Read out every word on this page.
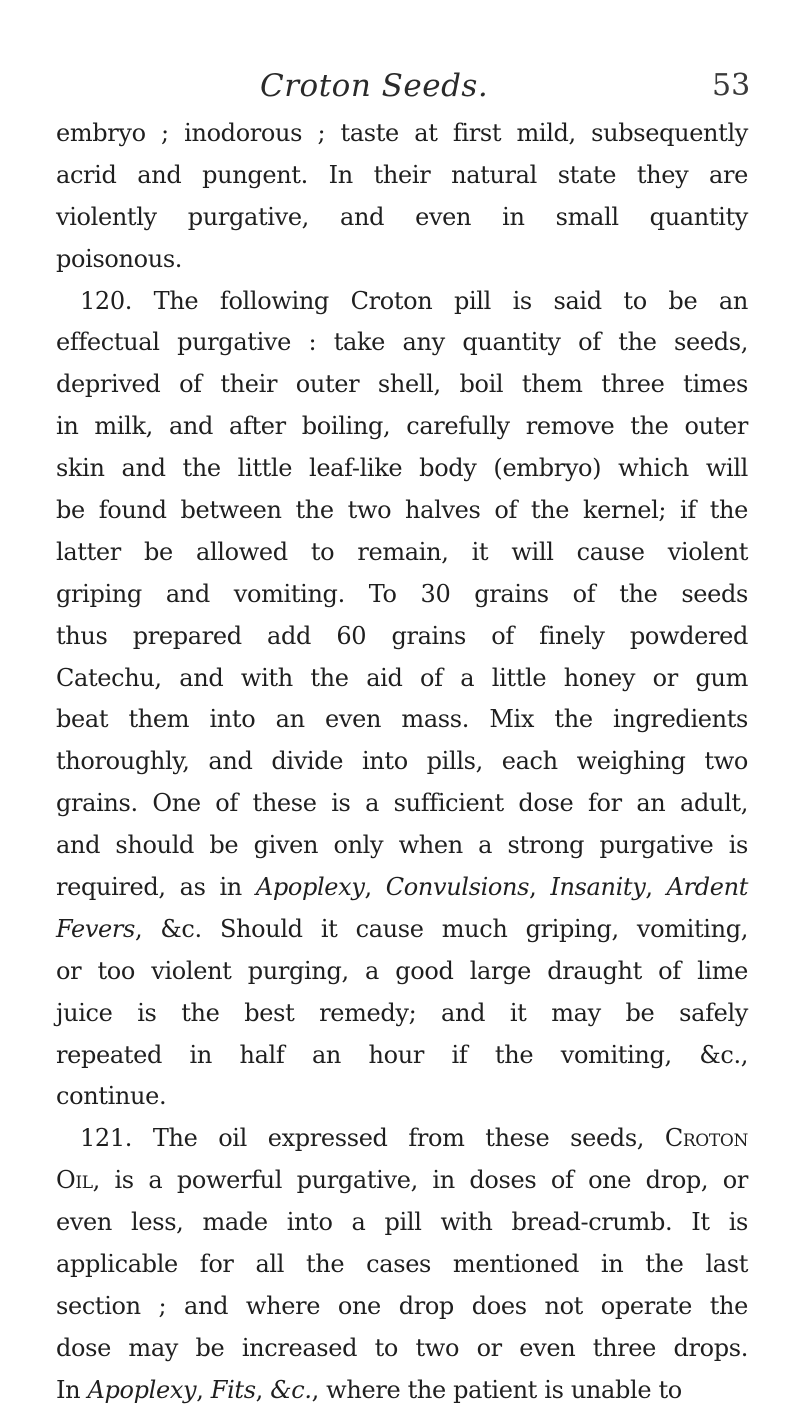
Croton Seeds.	53
embryo ; inodorous ; taste at first mild, subsequently
acrid and pungent. In their natural state they are
violently purgative, and even in small quantity
poisonous.
120. The following Croton pill is said to be an
effectual purgative : take any quantity of the seeds,
deprived of their outer shell, boil them three times
in milk, and after boiling, carefully remove the outer
skin and the little leaf-like body (embryo) which will
be found between the two halves of the kernel; if the
latter be allowed to remain, it will cause violent
griping and vomiting. To 30 grains of the seeds
thus prepared add 60 grains of finely powdered
Catechu, and with the aid of a little honey or gum
beat them into an even mass. Mix the ingredients
thoroughly, and divide into pills, each weighing two
grains. One of these is a sufficient dose for an adult,
and should be given only when a strong purgative is
required, as in Apoplexy, Convulsions, Insanity, Ardent
Fevers, &c. Should it cause much griping, vomiting,
or too violent purging, a good large draught of lime
juice is the best remedy; and it may be safely
repeated in half an hour if the vomiting, &c.,
continue.
121. The oil expressed from these seeds, Croton
Oil, is a powerful purgative, in doses of one drop, or
even less, made into a pill with bread-crumb. It is
applicable for all the cases mentioned in the last
section ; and where one drop does not operate the
dose may be increased to two or even three drops.
In Apoplexy, Fits, &c., where the patient is unable to
